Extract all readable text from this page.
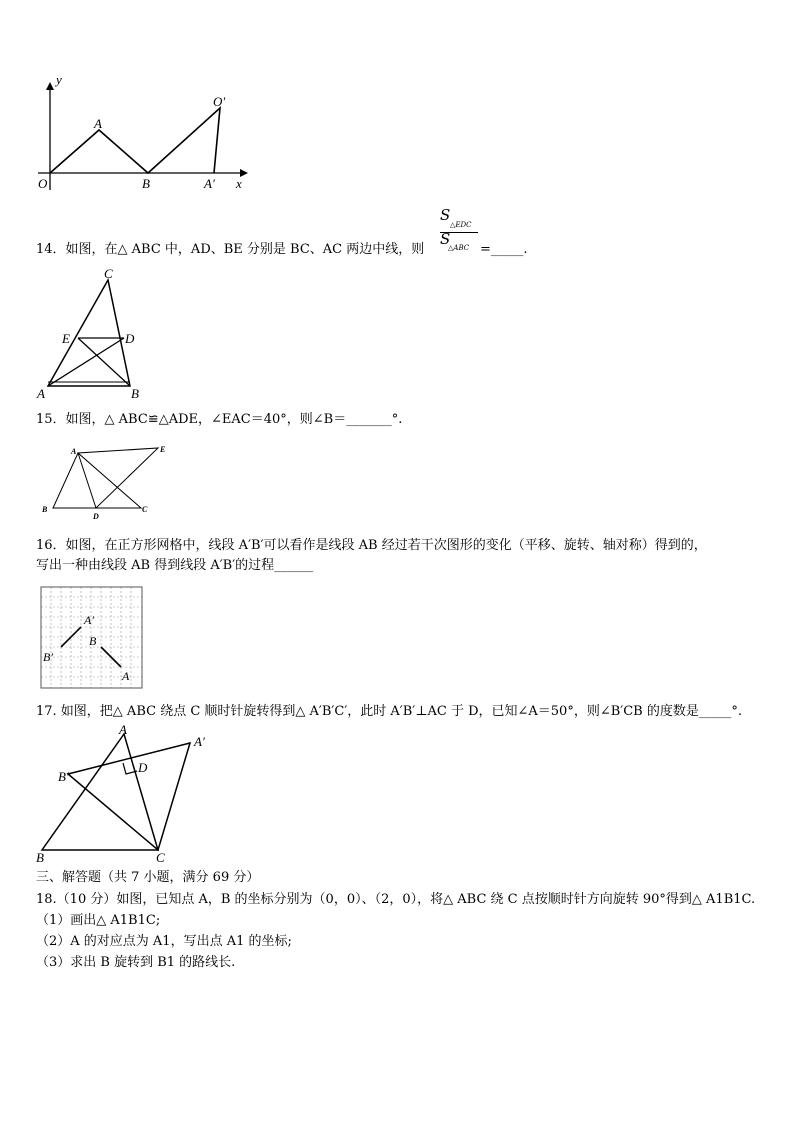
y
x
O
A
B
O′
A′
14．如图，在△ ABC 中，AD、BE 分别是 BC、AC 两边中线，则
S
△EDC
S
△ABC =_____.
C
E	D
A	B
15．如图，△ ABC≌△ADE，∠EAC＝40°，则∠B＝_______°.
A	E
B
D
C
16．如图，在正方形网格中，线段 A′B′可以看作是线段 AB 经过若干次图形的变化（平移、旋转、轴对称）得到的，
写出一种由线段 AB 得到线段 A′B′的过程______
A′
B
B′
A
17. 如图，把△ ABC 绕点 C 顺时针旋转得到△ A′B′C′，此时 A′B′⊥AC 于 D，已知∠A＝50°，则∠B′CB 的度数是_____°.
A
A′
B′
D
B	C
三、解答题（共 7 小题，满分 69 分）
18.（10 分）如图，已知点 A，B 的坐标分别为（0，0）、（2，0），将△ ABC 绕 C 点按顺时针方向旋转 90°得到△ A1B1C.
（1）画出△ A1B1C;
（2）A 的对应点为 A1，写出点 A1 的坐标;
（3）求出 B 旋转到 B1 的路线长.
